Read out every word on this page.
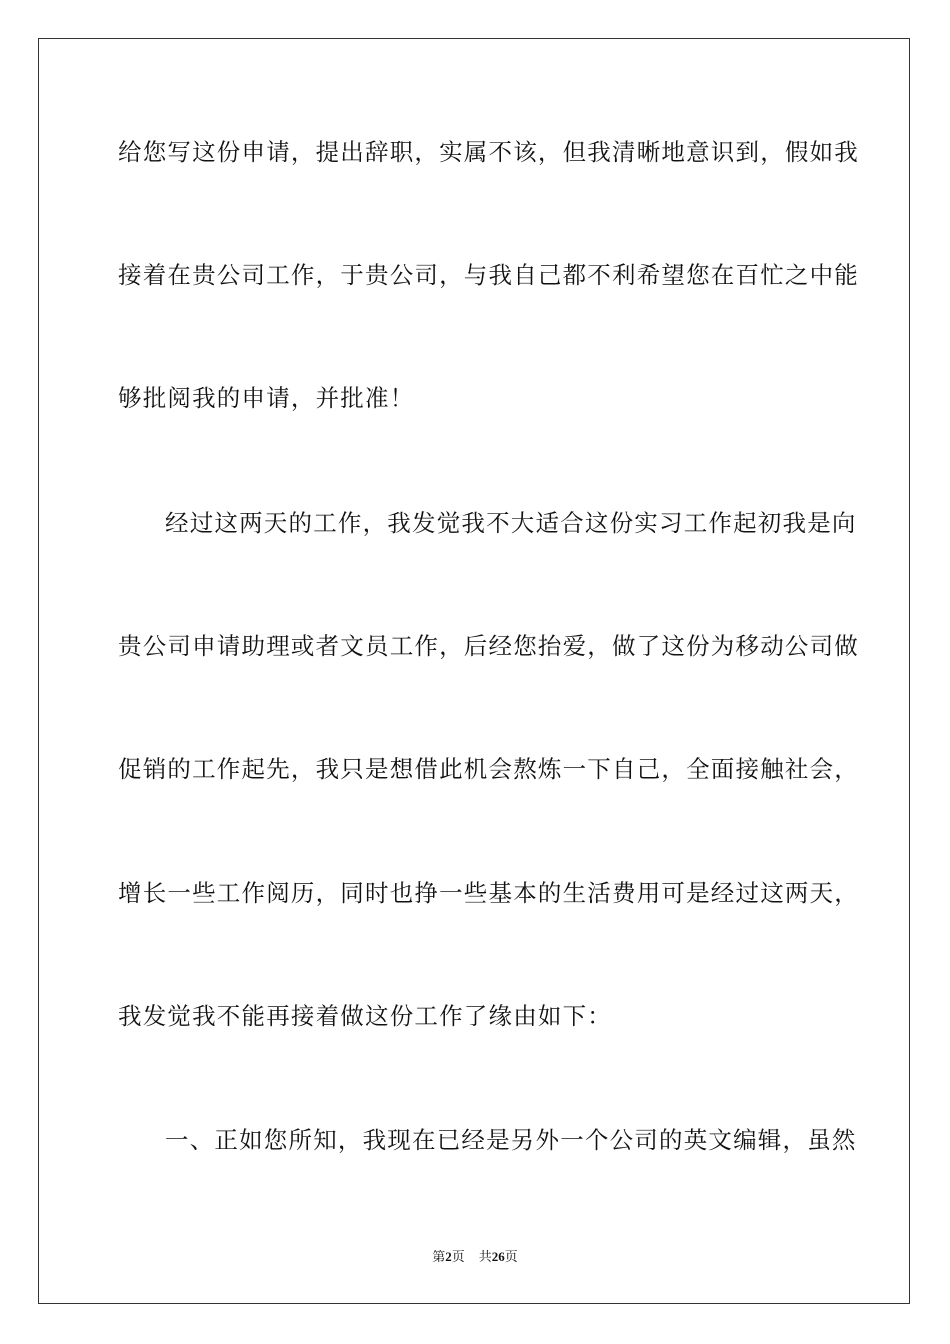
给您写这份申请，提出辞职，实属不该，但我清晰地意识到，假如我
接着在贵公司工作，于贵公司，与我自己都不利希望您在百忙之中能
够批阅我的申请，并批准！
经过这两天的工作，我发觉我不大适合这份实习工作起初我是向
贵公司申请助理或者文员工作，后经您抬爱，做了这份为移动公司做
促销的工作起先，我只是想借此机会熬炼一下自己，全面接触社会，
增长一些工作阅历，同时也挣一些基本的生活费用可是经过这两天，
我发觉我不能再接着做这份工作了缘由如下：
一、正如您所知，我现在已经是另外一个公司的英文编辑，虽然
第2页 共26页
